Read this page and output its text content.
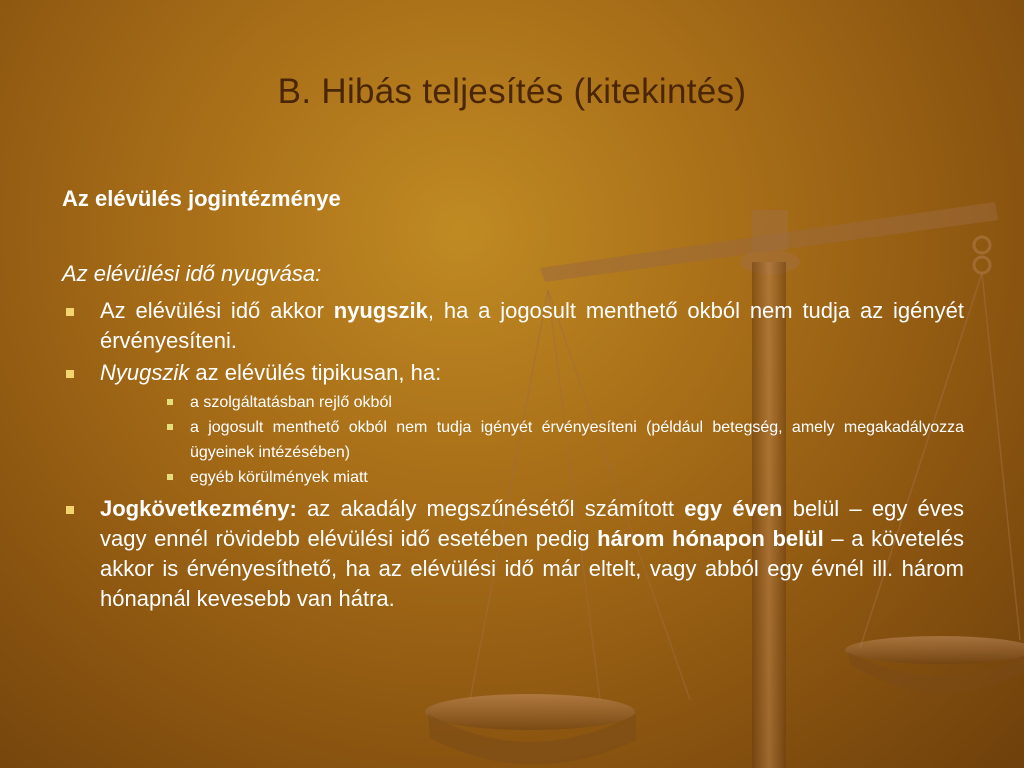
B. Hibás teljesítés (kitekintés)
Az elévülés jogintézménye
Az elévülési idő nyugvása:
Az elévülési idő akkor nyugszik, ha a jogosult menthető okból nem tudja az igényét érvényesíteni.
Nyugszik az elévülés tipikusan, ha:
a szolgáltatásban rejlő okból
a jogosult menthető okból nem tudja igényét érvényesíteni (például betegség, amely megakadályozza ügyeinek intézésében)
egyéb körülmények miatt
Jogkövetkezmény: az akadály megszűnésétől számított egy éven belül – egy éves vagy ennél rövidebb elévülési idő esetében pedig három hónapon belül – a követelés akkor is érvényesíthető, ha az elévülési idő már eltelt, vagy abból egy évnél ill. három hónapnál kevesebb van hátra.
